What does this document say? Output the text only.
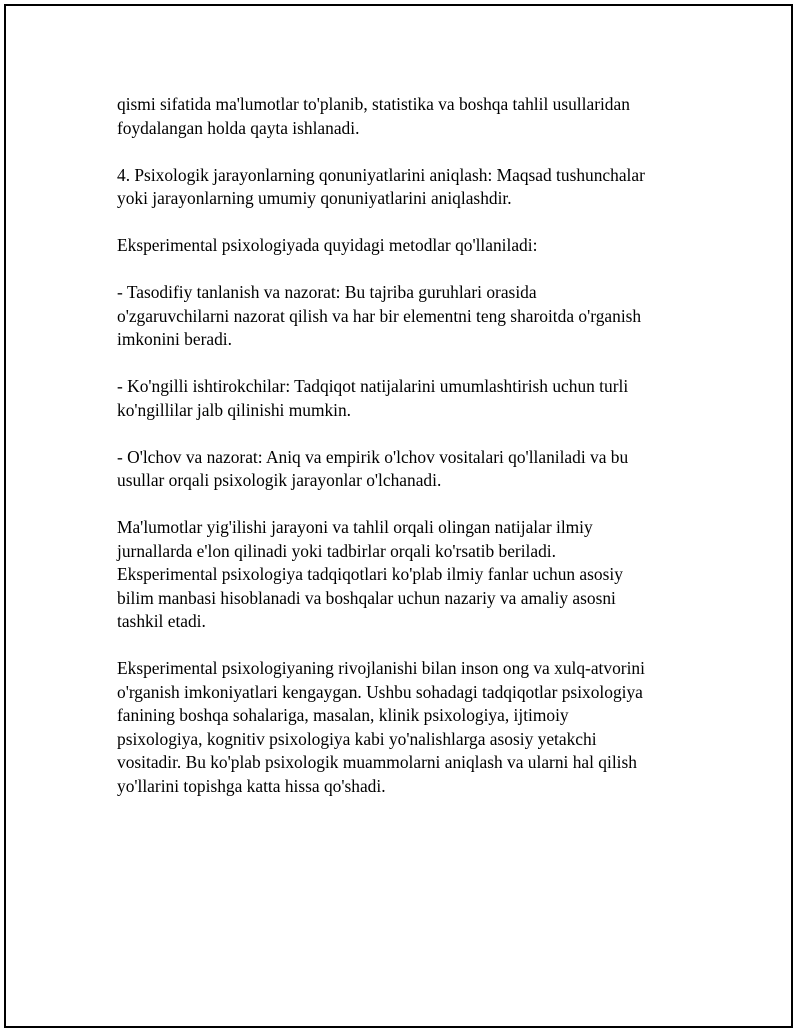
qismi sifatida ma'lumotlar to'planib, statistika va boshqa tahlil usullaridan
foydalangan holda qayta ishlanadi.

4. Psixologik jarayonlarning qonuniyatlarini aniqlash: Maqsad tushunchalar
yoki jarayonlarning umumiy qonuniyatlarini aniqlashdir.

Eksperimental psixologiyada quyidagi metodlar qo'llaniladi:

- Tasodifiy tanlanish va nazorat: Bu tajriba guruhlari orasida
o'zgaruvchilarni nazorat qilish va har bir elementni teng sharoitda o'rganish
imkonini beradi.

- Ko'ngilli ishtirokchilar: Tadqiqot natijalarini umumlashtirish uchun turli
ko'ngillilar jalb qilinishi mumkin.

- O'lchov va nazorat: Aniq va empirik o'lchov vositalari qo'llaniladi va bu
usullar orqali psixologik jarayonlar o'lchanadi.

Ma'lumotlar yig'ilishi jarayoni va tahlil orqali olingan natijalar ilmiy
jurnallarda e'lon qilinadi yoki tadbirlar orqali ko'rsatib beriladi.
Eksperimental psixologiya tadqiqotlari ko'plab ilmiy fanlar uchun asosiy
bilim manbasi hisoblanadi va boshqalar uchun nazariy va amaliy asosni
tashkil etadi.

Eksperimental psixologiyaning rivojlanishi bilan inson ong va xulq-atvorini
o'rganish imkoniyatlari kengaygan. Ushbu sohadagi tadqiqotlar psixologiya
fanining boshqa sohalariga, masalan, klinik psixologiya, ijtimoiy
psixologiya, kognitiv psixologiya kabi yo'nalishlarga asosiy yetakchi
vositadir. Bu ko'plab psixologik muammolarni aniqlash va ularni hal qilish
yo'llarini topishga katta hissa qo'shadi.
